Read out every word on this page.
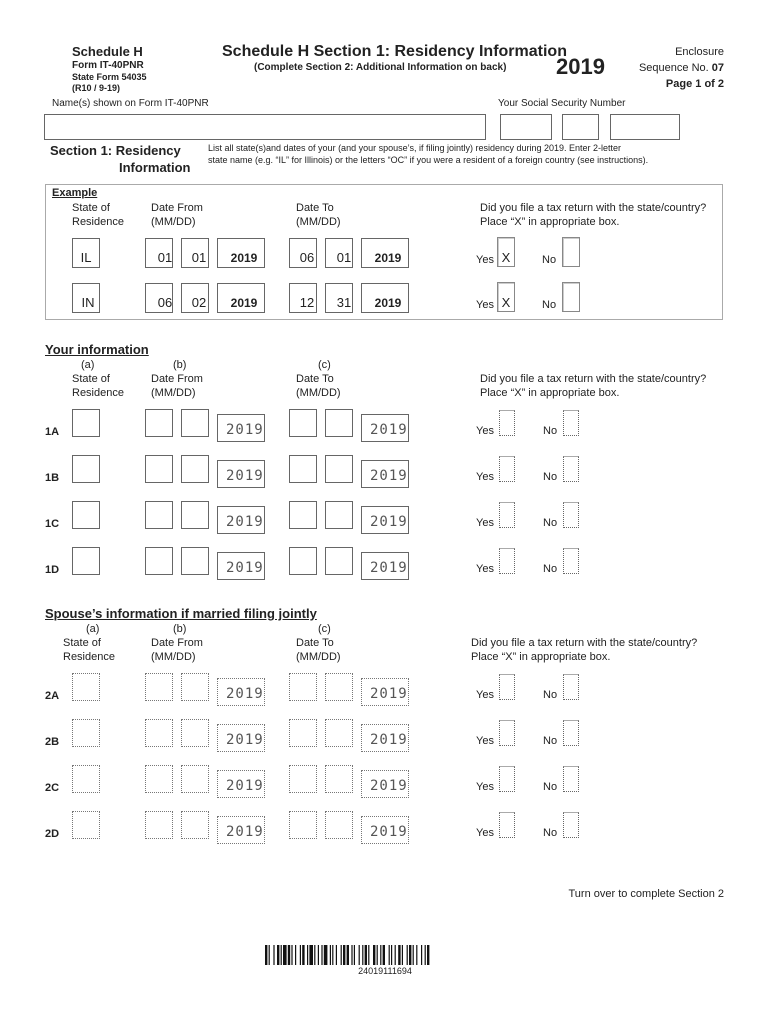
Schedule H
Form IT-40PNR
State Form 54035
(R10 / 9-19)
Schedule H Section 1: Residency Information
(Complete Section 2: Additional Information on back) 2019
Enclosure
Sequence No. 07
Page 1 of 2
Name(s) shown on Form IT-40PNR	Your Social Security Number
Section 1: Residency
Information
List all state(s)and dates of your (and your spouse’s, if filing jointly) residency during 2019. Enter 2-letter
state name (e.g. “IL” for Illinois) or the letters “OC” if you were a resident of a foreign country (see instructions).
Example
State of
Residence
Date From
(MM/DD)
Date To
(MM/DD)
Did you file a tax return with the state/country?
Place “X” in appropriate box.
IL	01	01	2019	06	01	2019	Yes X	No
IN	06	02	2019	12	31	2019	Yes X	No
Your information
(a)	(b)	(c)
State of
Residence
Date From
(MM/DD)
Date To
(MM/DD)
Did you file a tax return with the state/country?
Place “X” in appropriate box.
1A	2019	2019	Yes	No
1B	2019	2019	Yes	No
1C	2019	2019	Yes	No
1D	2019	2019	Yes	No
Spouse’s information if married filing jointly
(a)	(b)	(c)
State of
Residence
Date From
(MM/DD)
Date To
(MM/DD)
Did you file a tax return with the state/country?
Place “X” in appropriate box.
2A	2019	2019	Yes	No
2B	2019	2019	Yes	No
2C	2019	2019	Yes	No
2D	2019	2019	Yes	No
Turn over to complete Section 2
24019111694
